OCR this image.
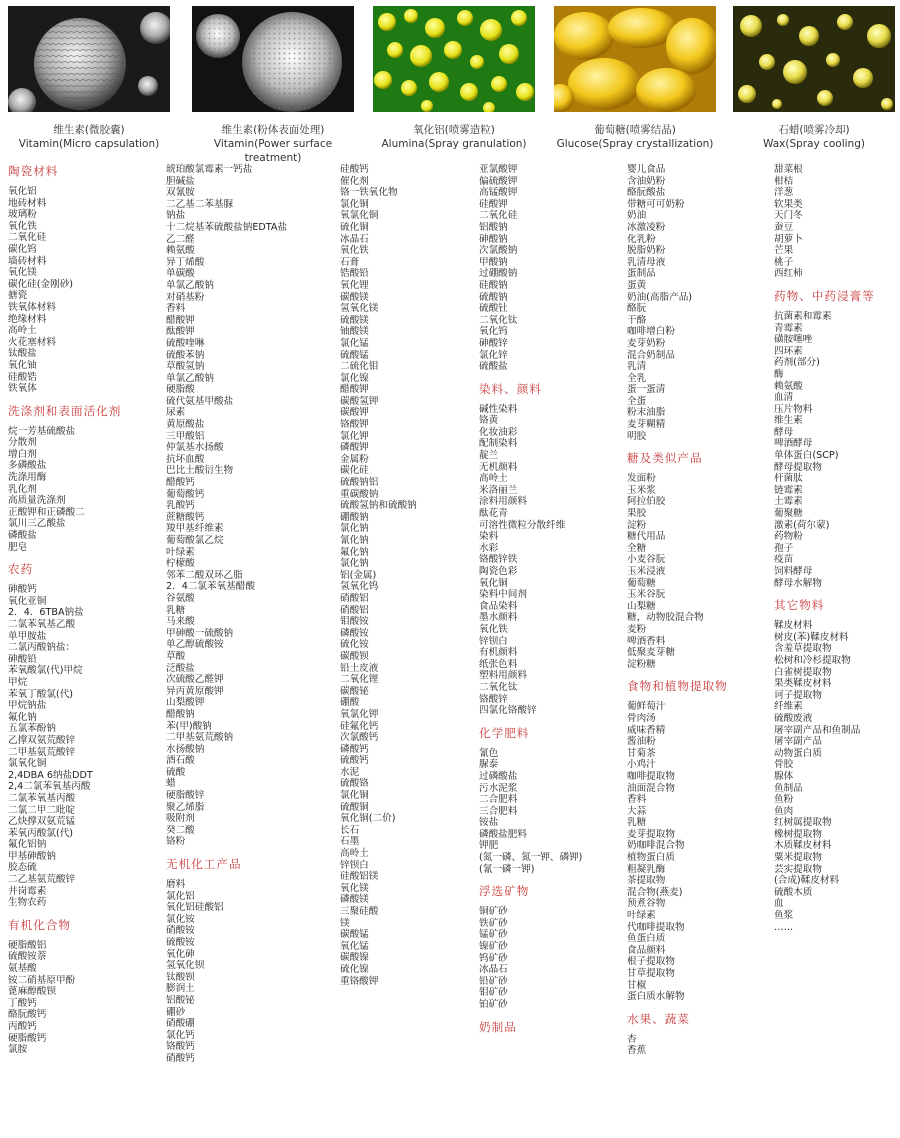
维生素(微胶囊)
Vitamin(Micro capsulation)
维生素(粉体表面处理)
Vitamin(Power surface treatment)
氧化铝(喷雾造粒)
Alumina(Spray granulation)
葡萄糖(喷雾结晶)
Glucose(Spray crystallization)
石蜡(喷雾冷却)
Wax(Spray cooling)
陶瓷材料
氧化铝
地砖材料
玻璃粉
氧化铁
二氧化硅
碳化钨
墙砖材料
氧化镁
碳化硅(金刚砂)
搪瓷
铁氧体材料
绝缘材料
高岭土
火花塞材料
钛酸盐
氧化铀
硅酸锆
铁氧体
洗涤剂和表面活化剂
烷一芳基硫酸盐
分散剂
增白剂
多磷酸盐
洗涤用酶
乳化剂
高质量洗涤剂
正酸钾和正磷酸二
氯川三乙酸盐
磷酸盐
肥皂
农药
砷酸钙
氧化亚铜
2．4．6TBA钠盐
二氯苯氧基乙酸
单甲胺盐
二氯丙酸钠盐：
砷酸铅
苯氧酸氯(代)甲烷
甲烷
苯氧丁酸氯(代)
甲烷钠盐
氟化钠
五氯苯酚钠
乙撑双氨荒酸锌
二甲基氨荒酸锌
氯氧化铜
2,4DBA 6纳盐DDT
2,4二氯苯氧基丙酸
二氯苯氧基丙酸
二氯二甲二吡啶
乙炔撑双氨荒锰
苯氧丙酸氯(代)
氟化铝钠
甲基砷酸钠
胶态硫
二乙基氨荒酸锌
井岗霉素
生物农药
有机化合物
硬脂酸铝
硫酸铵萘
氨基酸
铵二硝基原甲酚
蓖麻醇酸钡
丁酸钙
酪朊酸钙
丙酸钙
硬脂酸钙
氯胺
琥珀酸氯霉素一钙盐
胆碱盐
双氰胺
二乙基二苯基脲
钠盐
十二烷基苯硫酸盐钠EDTA盐
乙二醛
赖氨酸
异丁烯酸
单碳酸
单氯乙酸钠
对硝基粉
香料
醋酸钾
酞酸钾
硫酸喹啉
硫酸苯钠
草酸氢钠
单氯乙酸钠
硬脂酸
硫代氨基甲酸盐
尿素
黄原酸盐
三甲酸铝
仲氯基水扬酸
抗坏血酸
巴比土酸衍生物
醋酸钙
葡萄酸钙
乳酸钙
蔗糖酸钙
羧甲基纤维素
葡萄酸氯乙烷
叶绿素
柠檬酸
邻苯二酸双环乙脂
2．4二氯苯氧基醋酸
谷氨酸
乳糖
马来酸
甲砷酸一硫酸钠
单乙醇硫酸铵
草酸
泛酸盐
次硫酸乙醛钾
异丙黄原酸钾
山梨酸钾
醋酸钠
苯(甲)酸钠
二甲基氨荒酸钠
水扬酸钠
酒石酸
硫酸
蜡
硬脂酸锌
聚乙烯脂
吸附剂
癸二酸
铬粉
无机化工产品
磨料
氯化铝
氧化铝硅酸铝
氯化铵
硝酸铵
硫酸铵
氧化砷
氢氧化钡
钛酸钡
膨润土
铝酸铋
硼砂
硝酸硼
氯化钙
铬酸钙
硝酸钙
硅酸钙
催化剂
铬一铁氧化物
氯化铜
氧氯化铜
硫化铜
冰晶石
氧化铁
石膏
锆酸铅
氧化锂
碳酸镁
氢氧化镁
硫酸镁
铀酸镁
氯化锰
硫酸锰
二硫化钼
氯化镍
醋酸钾
碳酸氢钾
碳酸钾
铬酸钾
氯化钾
磷酸钾
金属粉
碳化硅
硫酸钠铝
重碳酸钠
硫酸氢钠和硫酸钠
硼酸钠
氯化钠
氰化钠
氟化钠
氯化钠
铝(金属)
氢氧化钨
硝酸铝
硝酸铝
钼酸铵
磷酸铵
硫化铵
碳酸钡
铅土皮液
二氧化锂
碳酸铋
硼酸
氧氯化钾
硅氟化钙
次氯酸钙
磷酸钙
硫酸钙
水泥
硫酸铬
氯化铜
硫酸铜
氧化铜(二价)
长石
石墨
高岭土
锌钡白
硅酸铝镁
氧化镁
磷酸镁
三聚硅酸
镁
碳酸锰
氧化锰
碳酸镍
硫化镍
重铬酸钾
亚氯酸钾
偏硫酸钾
高锰酸钾
硅酸钾
二氧化硅
铝酸钠
砷酸钠
次氯酸钠
甲酸钠
过硼酸钠
硅酸钠
硫酸钠
硫酸钍
二氧化钛
氧化钨
砷酸锌
氯化锌
硫酸盐
染料、颜料
碱性染料
铬黄
化妆油彩
配制染料
靛兰
无机颜料
高岭土
米洛丽兰
涂料用颜料
酞花青
可溶性微粒分散纤维
染料
水彩
铬酸锌铁
陶瓷色彩
氧化铜
染料中间剂
食品染料
墨水颜料
氧化铁
锌钡白
有机颜料
纸张色料
塑料用颜料
二氧化钛
铬酸锌
四氯化铬酸锌
化学肥料
氰色
脲泰
过磷酸盐
污水泥浆
二合肥料
三合肥料
铵盐
磷酸盐肥料
钾肥
(氮一磷、氮一钾、磷钾)
(氰一磷一钾)
浮选矿物
铜矿砂
铁矿砂
锰矿砂
镍矿砂
钨矿砂
冰晶石
铅矿砂
钼矿砂
铂矿砂
奶制品
婴儿食品
含油奶粉
酪朊酸盐
带糖可可奶粉
奶油
冰激凌粉
化乳粉
脱脂奶粉
乳清母液
蛋制品
蛋黄
奶油(高脂产品)
酪朊
干酪
咖啡增白粉
麦芽奶粉
混合奶制品
乳清
全乳
蛋一蛋清
全蛋
粉末油脂
麦芽糊精
明胶
糖及类似产品
发面粉
玉米浆
阿拉伯胶
果胶
淀粉
糖代用品
全糖
小麦谷朊
玉米浸液
葡萄糖
玉米谷朊
山梨糖
糖，动物胶混合物
麦粉
啤酒香料
低聚麦芽糖
淀粉糖
食物和植物提取物
葡鲜萄汁
骨肉汤
威味香精
酱油粉
甘菊茶
小鸡汁
咖啡提取物
油面混合物
香料
大蒜
乳糖
麦芽提取物
奶咖啡混合物
植物蛋白质
粗凝乳酶
茶提取物
混合物(燕麦)
预煮谷物
叶绿素
代咖啡提取物
鱼蛋白质
食品颜料
根子提取物
甘草提取物
甘椒
蛋白质水解物
水果、蔬菜
杏
香蕉
甜菜根
柑桔
洋葱
软果类
天门冬
蚕豆
胡萝卜
芒果
桃子
西红柿
药物、中药浸膏等
抗菌素和霉素
青霉素
磺胺噻唑
四环素
药剂(部分)
酶
赖氨酸
血清
压片物料
维生素
酵母
啤酒酵母
单体蛋白(SCP)
酵母提取物
杆菌肽
链霉素
土霉素
葡聚糖
激素(荷尔蒙)
药物粉
孢子
疫苗
饲料酵母
酵母水解物
其它物料
鞣皮材料
树皮(苯)鞣皮材料
含羞草提取物
松树和冷杉提取物
白雀树提取物
果类鞣皮材料
诃子提取物
纤维素
硫酸废液
屠宰副产品和鱼制品
屠宰副产品
动物蛋白质
骨胶
腺体
鱼制品
鱼粉
鱼肉
红树属提取物
橡树提取物
木质鞣皮材料
粟米提取物
芸实提取物
(合成)鞣皮材料
硫酸木质
血
鱼浆
……
